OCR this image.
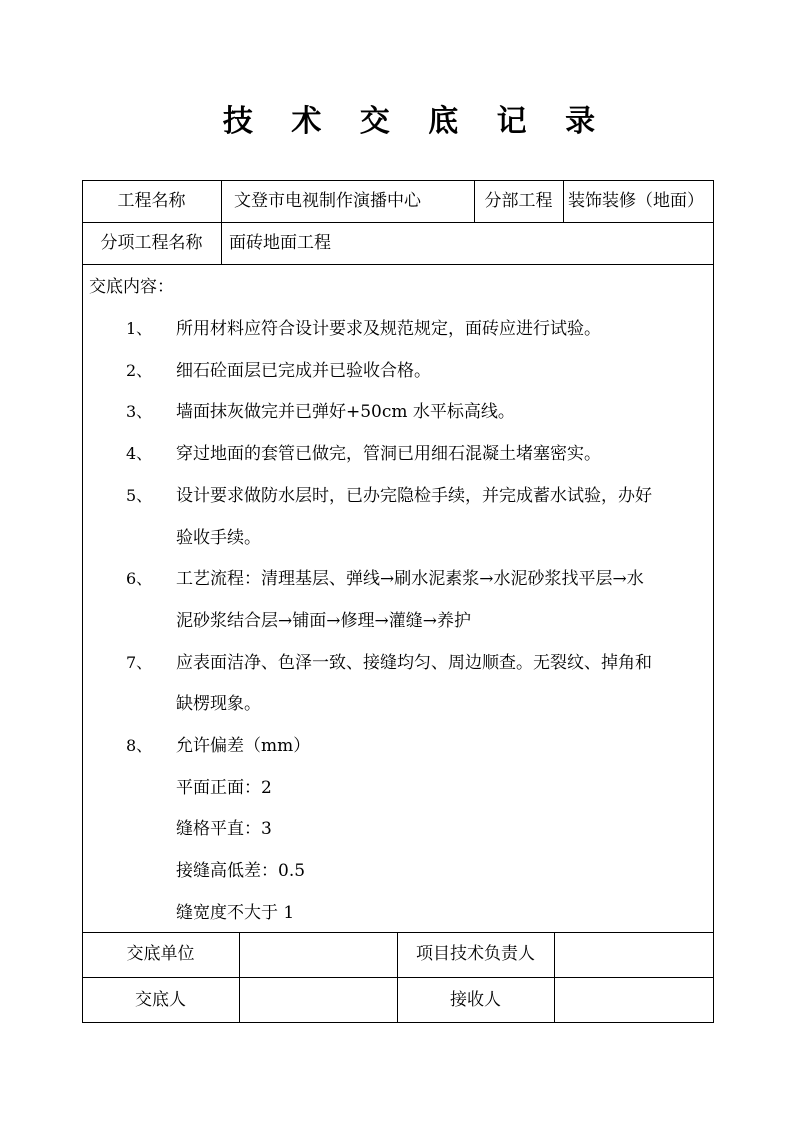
技 术 交 底 记 录
工程名称	文登市电视制作演播中心	分部工程 装饰装修（地面）
分项工程名称	面砖地面工程
交底内容：
1、 所用材料应符合设计要求及规范规定，面砖应进行试验。
2、 细石砼面层已完成并已验收合格。
3、 墙面抹灰做完并已弹好+50cm 水平标高线。
4、 穿过地面的套管已做完，管洞已用细石混凝土堵塞密实。
5、 设计要求做防水层时，已办完隐检手续，并完成蓄水试验，办好
验收手续。
6、 工艺流程：清理基层、弹线→刷水泥素浆→水泥砂浆找平层→水
泥砂浆结合层→铺面→修理→灌缝→养护
7、 应表面洁净、色泽一致、接缝均匀、周边顺查。无裂纹、掉角和
缺楞现象。
8、 允许偏差（mm）
平面正面：2
缝格平直：3
接缝高低差：0.5
缝宽度不大于 1
交底单位	项目技术负责人
交底人	接收人
